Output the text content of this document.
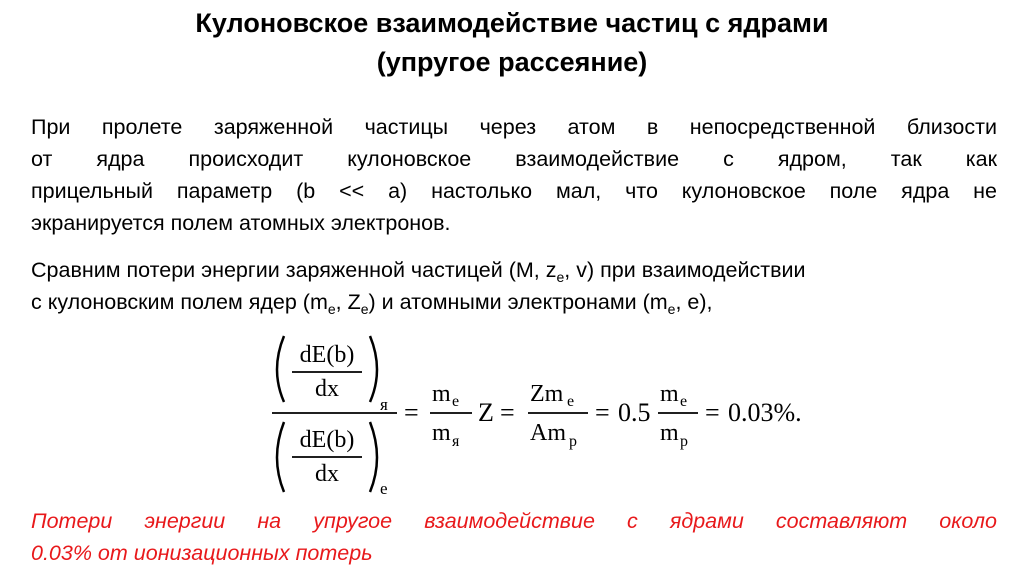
Кулоновское взаимодействие частиц с ядрами
(упругое рассеяние)
При пролете заряженной частицы через атом в непосредственной близости
от ядра происходит кулоновское взаимодействие с ядром, так как
прицельный параметр (b << a) настолько мал, что кулоновское поле ядра не
экранируется полем атомных электронов.
Сравним потери энергии заряженной частицей (M, $z_e$, v) при взаимодействии
с кулоновским полем ядер ($m_e$, $Z_e$) и атомными электронами ($m_e$, e),
dE(b)
dx
я
dE(b)
dx
e
=
m e
m я
Z =
Zm e
Am p
= 0.5
m e
m p
= 0.03%.
Потери энергии на упругое взаимодействие с ядрами составляют около
0.03% от ионизационных потерь
